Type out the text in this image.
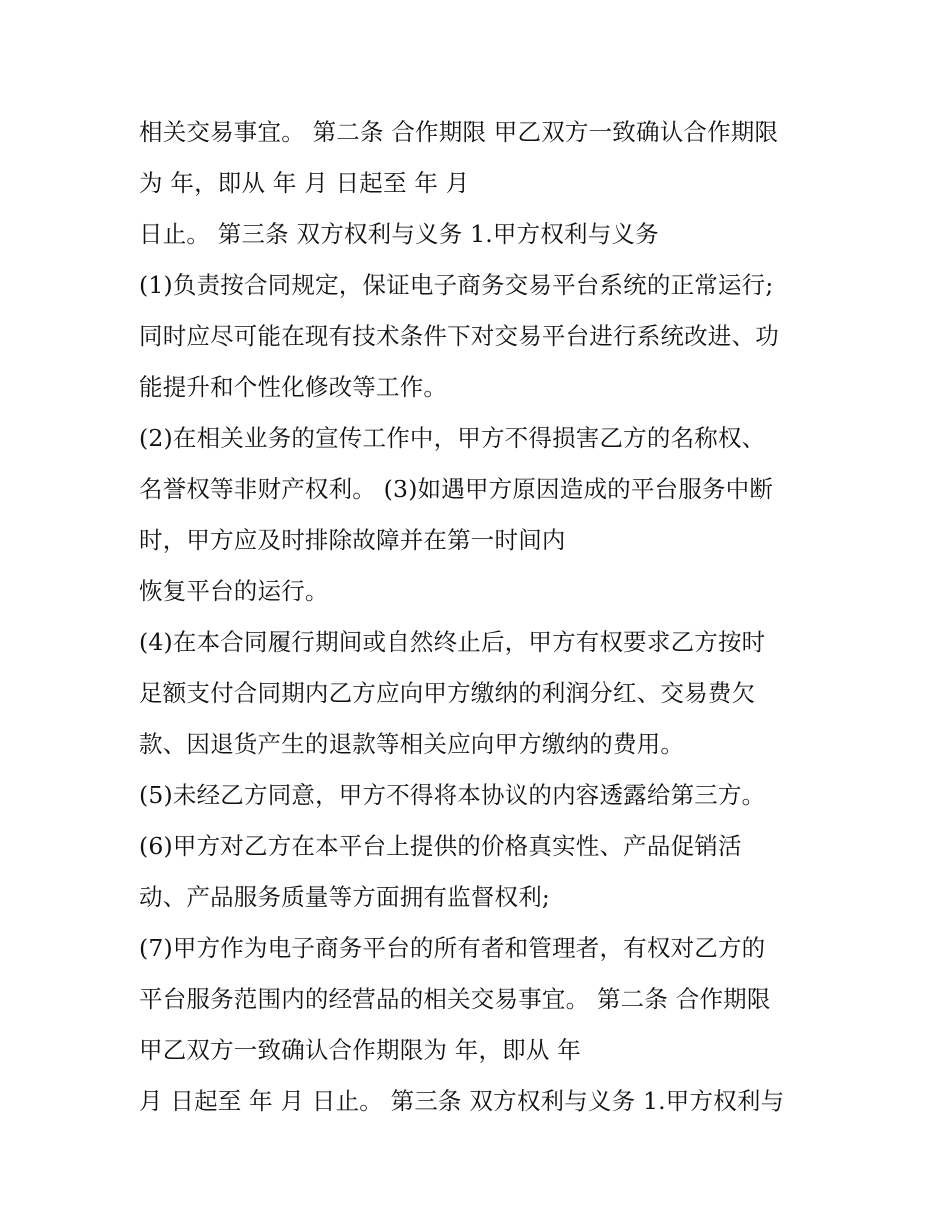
相关交易事宜。 第二条 合作期限 甲乙双方一致确认合作期限

为 年，即从 年 月 日起至 年 月

日止。 第三条 双方权利与义务 1.甲方权利与义务

(1)负责按合同规定，保证电子商务交易平台系统的正常运行;

同时应尽可能在现有技术条件下对交易平台进行系统改进、功

能提升和个性化修改等工作。

(2)在相关业务的宣传工作中，甲方不得损害乙方的名称权、

名誉权等非财产权利。 (3)如遇甲方原因造成的平台服务中断

时，甲方应及时排除故障并在第一时间内

恢复平台的运行。

(4)在本合同履行期间或自然终止后，甲方有权要求乙方按时

足额支付合同期内乙方应向甲方缴纳的利润分红、交易费欠

款、因退货产生的退款等相关应向甲方缴纳的费用。

(5)未经乙方同意，甲方不得将本协议的内容透露给第三方。

(6)甲方对乙方在本平台上提供的价格真实性、产品促销活

动、产品服务质量等方面拥有监督权利;

(7)甲方作为电子商务平台的所有者和管理者，有权对乙方的

平台服务范围内的经营品的相关交易事宜。 第二条 合作期限

甲乙双方一致确认合作期限为 年，即从 年

月 日起至 年 月 日止。 第三条 双方权利与义务 1.甲方权利与
